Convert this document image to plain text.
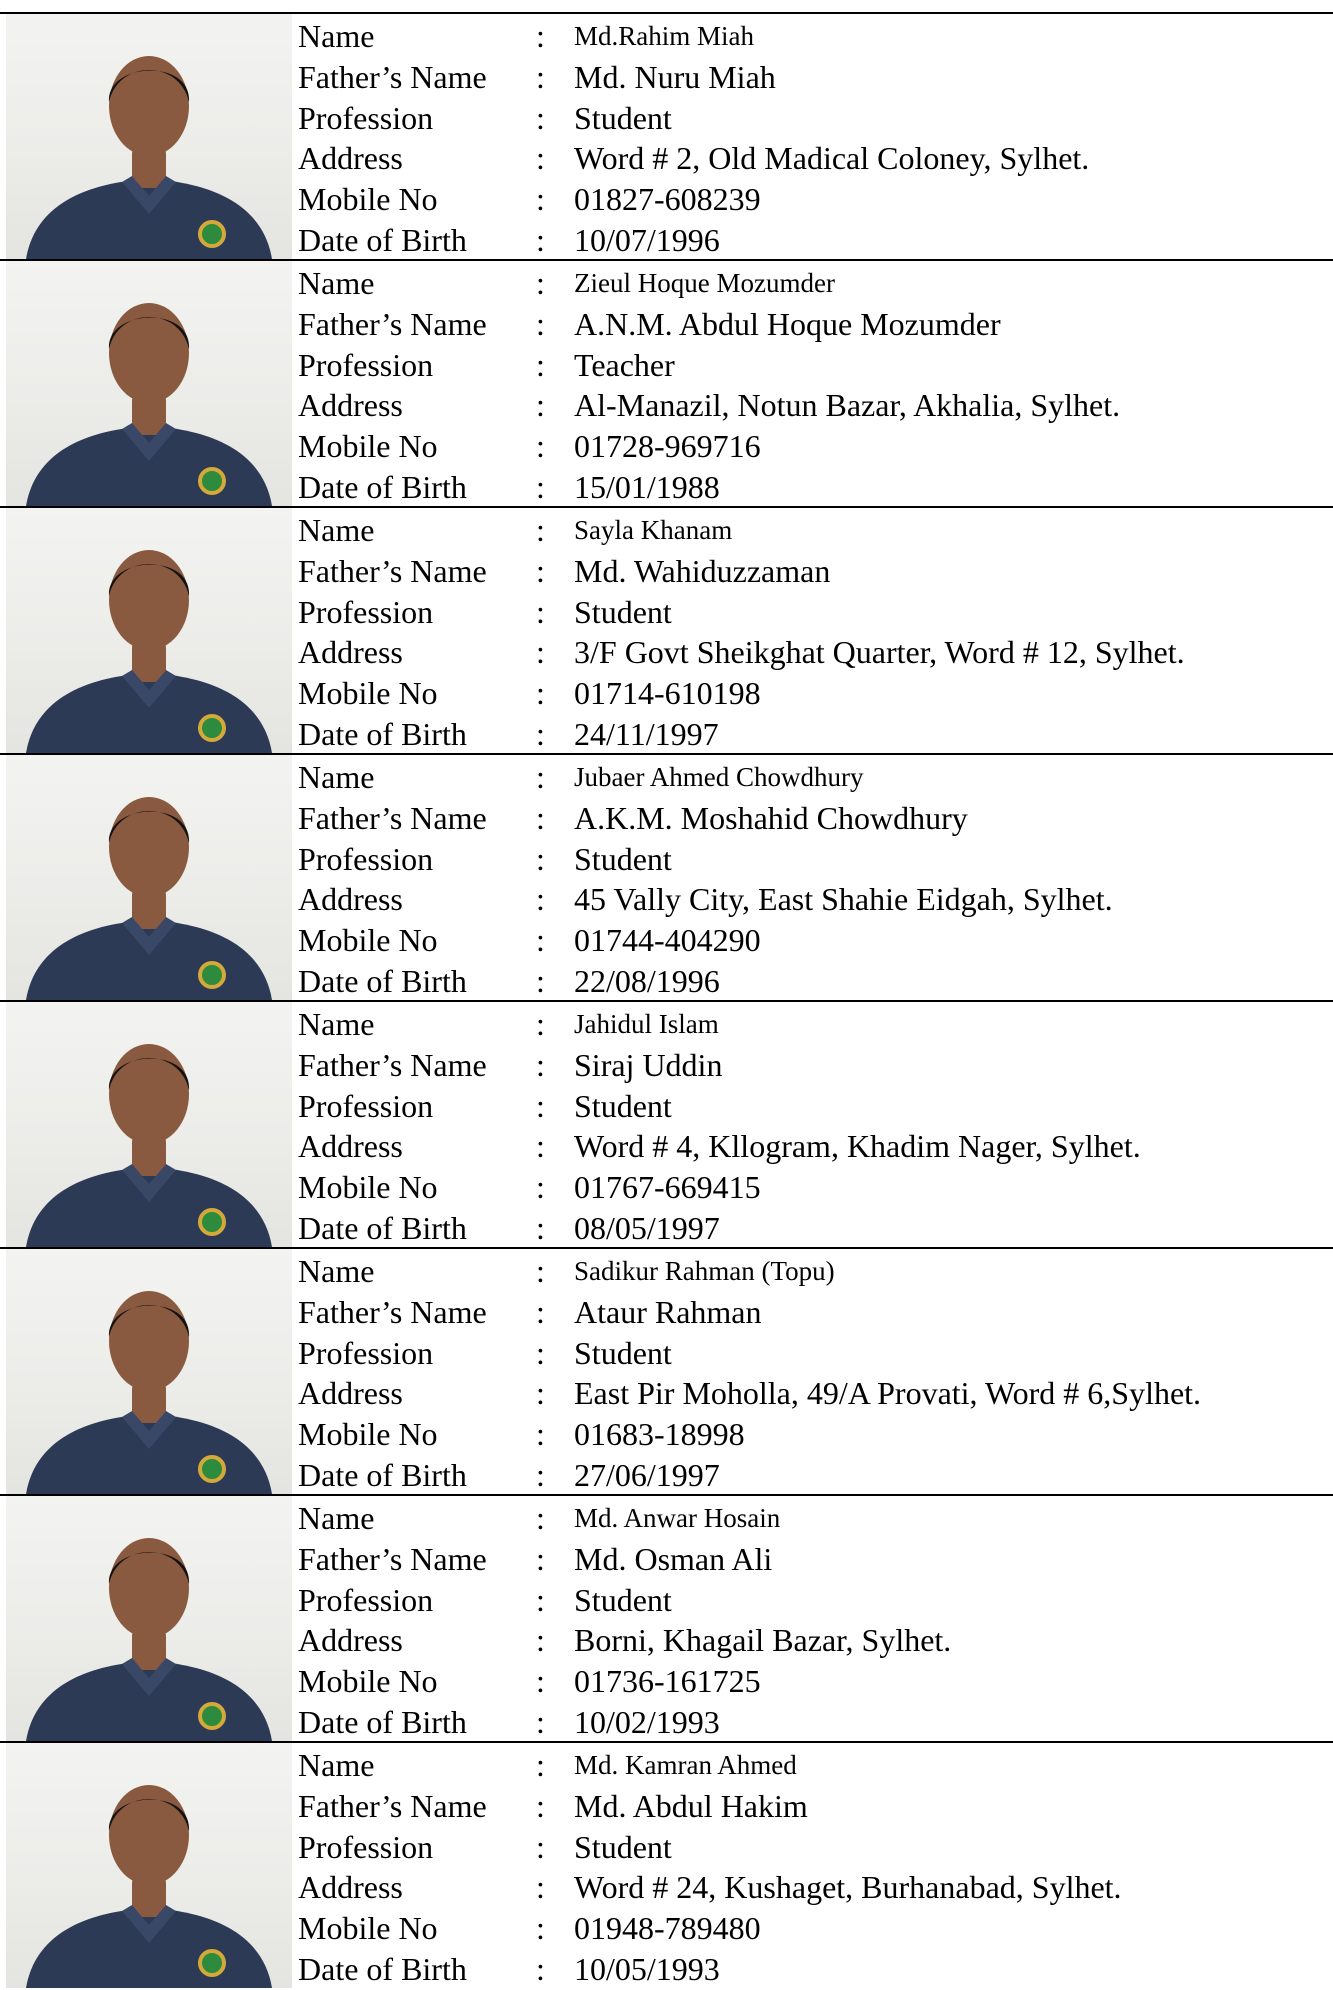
Name	: Md.Rahim Miah
Father’s Name : Md. Nuru Miah
Profession	: Student
Address	: Word # 2, Old Madical Coloney, Sylhet.
Mobile No	: 01827-608239
Date of Birth : 10/07/1996
Name	: Zieul Hoque Mozumder
Father’s Name : A.N.M. Abdul Hoque Mozumder
Profession	: Teacher
Address	: Al-Manazil, Notun Bazar, Akhalia, Sylhet.
Mobile No	: 01728-969716
Date of Birth : 15/01/1988
Name	: Sayla Khanam
Father’s Name : Md. Wahiduzzaman
Profession	: Student
Address	: 3/F Govt Sheikghat Quarter, Word # 12, Sylhet.
Mobile No	: 01714-610198
Date of Birth : 24/11/1997
Name	: Jubaer Ahmed Chowdhury
Father’s Name : A.K.M. Moshahid Chowdhury
Profession	: Student
Address	: 45 Vally City, East Shahie Eidgah, Sylhet.
Mobile No	: 01744-404290
Date of Birth : 22/08/1996
Name	: Jahidul Islam
Father’s Name : Siraj Uddin
Profession	: Student
Address	: Word # 4, Kllogram, Khadim Nager, Sylhet.
Mobile No	: 01767-669415
Date of Birth : 08/05/1997
Name	: Sadikur Rahman (Topu)
Father’s Name : Ataur Rahman
Profession	: Student
Address	: East Pir Moholla, 49/A Provati, Word # 6,Sylhet.
Mobile No	: 01683-18998
Date of Birth : 27/06/1997
Name	: Md. Anwar Hosain
Father’s Name : Md. Osman Ali
Profession	: Student
Address	: Borni, Khagail Bazar, Sylhet.
Mobile No	: 01736-161725
Date of Birth : 10/02/1993
Name	: Md. Kamran Ahmed
Father’s Name : Md. Abdul Hakim
Profession	: Student
Address	: Word # 24, Kushaget, Burhanabad, Sylhet.
Mobile No	: 01948-789480
Date of Birth : 10/05/1993
